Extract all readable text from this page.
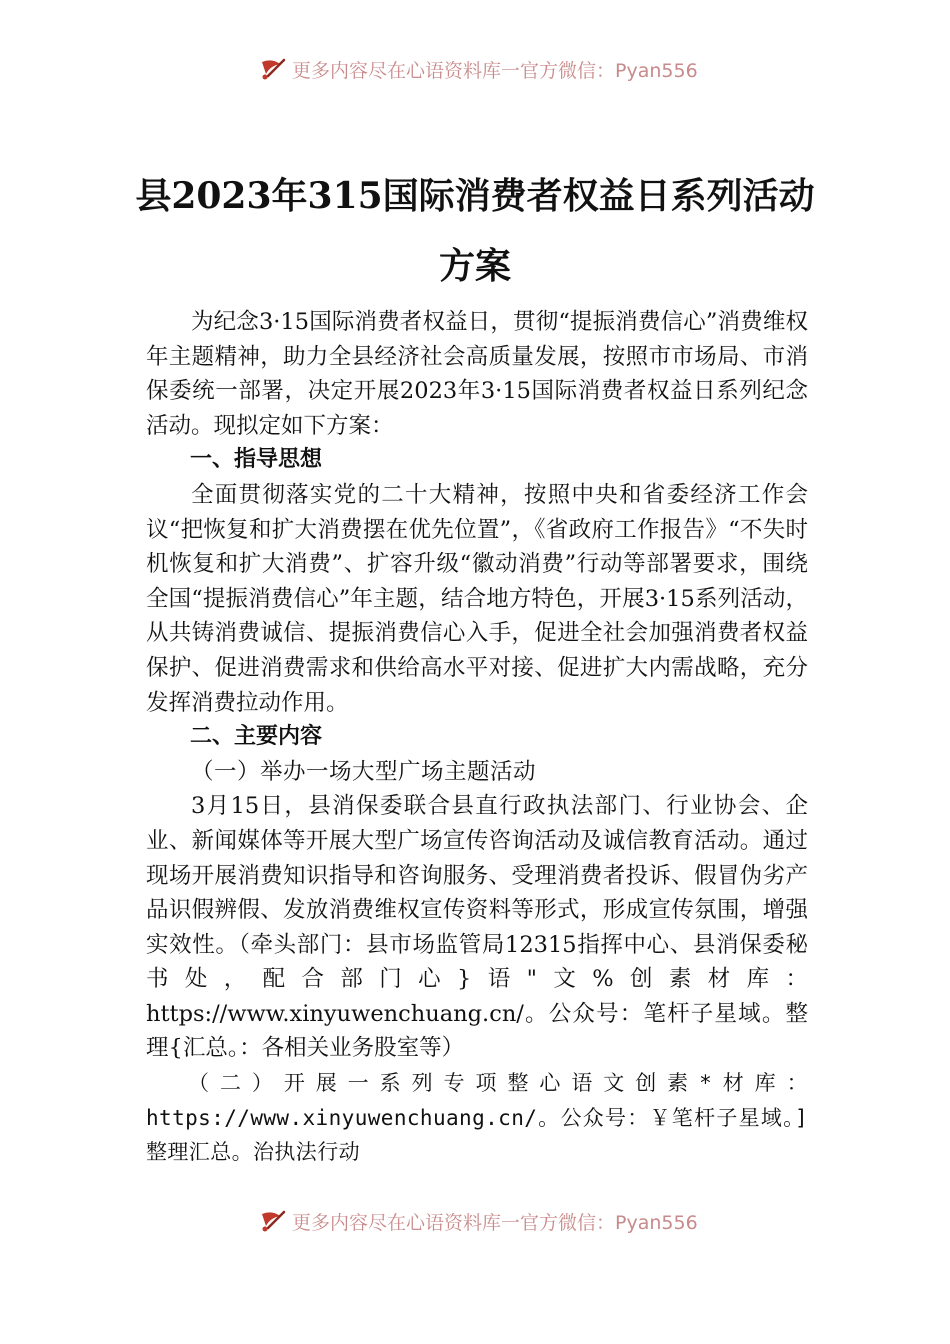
更多内容尽在心语资料库一官方微信：Pyan556
县2023年315国际消费者权益日系列活动
方案

为纪念3·15国际消费者权益日，贯彻“提振消费信心”消费维权年主题精神，助力全县经济社会高质量发展，按照市市场局、市消保委统一部署，决定开展2023年3·15国际消费者权益日系列纪念活动。现拟定如下方案：

一、指导思想

全面贯彻落实党的二十大精神，按照中央和省委经济工作会议“把恢复和扩大消费摆在优先位置”，《省政府工作报告》“不失时机恢复和扩大消费”、扩容升级“徽动消费”行动等部署要求，围绕全国“提振消费信心”年主题，结合地方特色，开展3·15系列活动，从共铸消费诚信、提振消费信心入手，促进全社会加强消费者权益保护、促进消费需求和供给高水平对接、促进扩大内需战略，充分发挥消费拉动作用。

二、主要内容

（一）举办一场大型广场主题活动

3月15日，县消保委联合县直行政执法部门、行业协会、企业、新闻媒体等开展大型广场宣传咨询活动及诚信教育活动。通过现场开展消费知识指导和咨询服务、受理消费者投诉、假冒伪劣产品识假辨假、发放消费维权宣传资料等形式，形成宣传氛围，增强实效性。（牵头部门：县市场监管局12315指挥中心、县消保委秘书处，配合部门心}语"文%创素材库：https://www.xinyuwenchuang.cn/。公众号：笔杆子星域。整理{汇总。：各相关业务股室等）

（二）开展一系列专项整心语文创素*材库：https://www.xinyuwenchuang.cn/。公众号：￥笔杆子星域。]整理汇总。治执法行动

更多内容尽在心语资料库一官方微信：Pyan556
